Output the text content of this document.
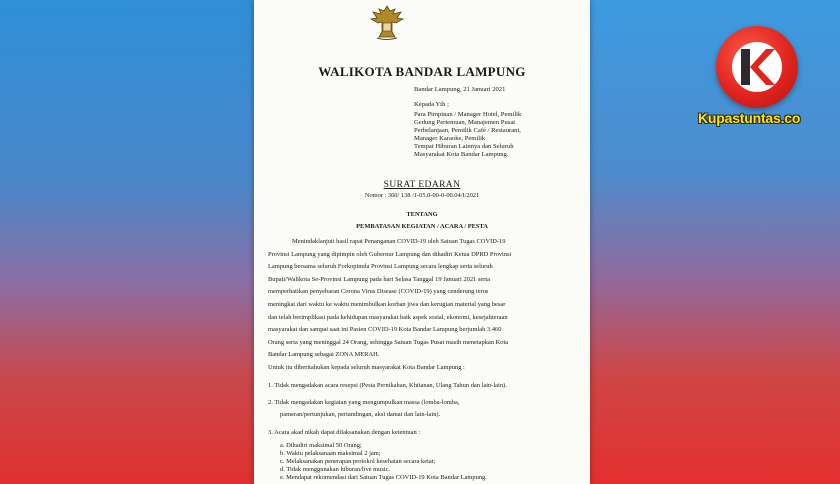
WALIKOTA BANDAR LAMPUNG
Bandar Lampung, 21 Januari 2021
Kepada Yth ;
Para Pimpinan / Manager Hotel, Pemilik
Gedung Pertemuan, Manajemen Pusat
Perbelanjaan, Pemilik Café / Restaurant,
Manager Karaoke, Pemilik
Tempat Hiburan Lainnya dan Seluruh
Masyarakat Kota Bandar Lampung.
SURAT EDARAN
Nomor : 360/ 138 /1-05.0-00-0-00.04/I/2021
TENTANG
PEMBATASAN KEGIATAN / ACARA / PESTA
Menindaklanjuti hasil rapat Penanganan COVID-19 oleh Satuan Tugas COVID-19
Provinsi Lampung yang dipimpin oleh Gubernur Lampung dan dihadiri Ketua DPRD Provinsi
Lampung bersama seluruh Forkopimda Provinsi Lampung secara lengkap serta seluruh
Bupati/Walikota Se-Provinsi Lampung pada hari Selasa Tanggal 19 Januari 2021 serta
memperhatikan penyebaran Corona Virus Disease (COVID-19) yang cenderung terus
meningkat dari waktu ke waktu menimbulkan korban jiwa dan kerugian material yang besar
dan telah berimplikasi pada kehidupan masyarakat baik aspek sosial, ekonomi, kesejahteraan
masyarakat dan sampai saat ini Pasien COVID-19 Kota Bandar Lampung berjumlah 3.460
Orang serta yang meninggal 24 Orang, sehingga Satuan Tugas Pusat masih menetapkan Kota
Bandar Lampung sebagai ZONA MERAH.
Untuk itu diberitahukan kepada seluruh masyarakat Kota Bandar Lampung :
1. Tidak mengadakan acara resepsi (Pesta Pernikahan, Khitanan, Ulang Tahun dan lain-lain).
2. Tidak mengadakan kegiatan yang mengumpulkan massa (lomba-lomba,
pameran/pertunjukan, pertandingan, aksi damai dan lain-lain).
3. Acara akad nikah dapat dilaksanakan dengan ketentuan :
a. Dihadiri maksimal 50 Orang;
b. Waktu pelaksanaan maksimal 2 jam;
c. Melaksanakan penerapan protokol kesehatan secara ketat;
d. Tidak menggunakan hiburan/live music.
e. Mendapat rekomendasi dari Satuan Tugas COVID-19 Kota Bandar Lampung.
Kupastuntas.co
